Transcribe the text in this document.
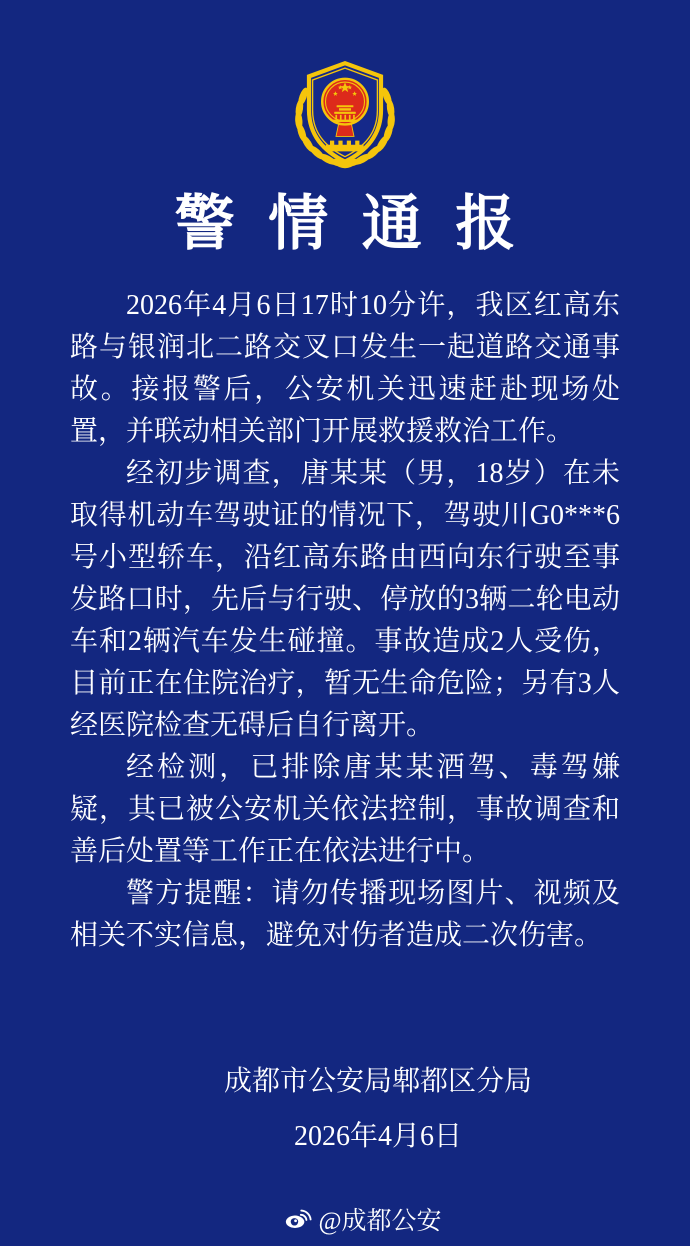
警情通报

2026年4月6日17时10分许，我区红高东路与银润北二路交叉口发生一起道路交通事故。接报警后，公安机关迅速赶赴现场处置，并联动相关部门开展救援救治工作。

经初步调查，唐某某（男，18岁）在未取得机动车驾驶证的情况下，驾驶川G0***6号小型轿车，沿红高东路由西向东行驶至事发路口时，先后与行驶、停放的3辆二轮电动车和2辆汽车发生碰撞。事故造成2人受伤，目前正在住院治疗，暂无生命危险；另有3人经医院检查无碍后自行离开。

经检测，已排除唐某某酒驾、毒驾嫌疑，其已被公安机关依法控制，事故调查和善后处置等工作正在依法进行中。

警方提醒：请勿传播现场图片、视频及相关不实信息，避免对伤者造成二次伤害。

成都市公安局郫都区分局
2026年4月6日
@成都公安
